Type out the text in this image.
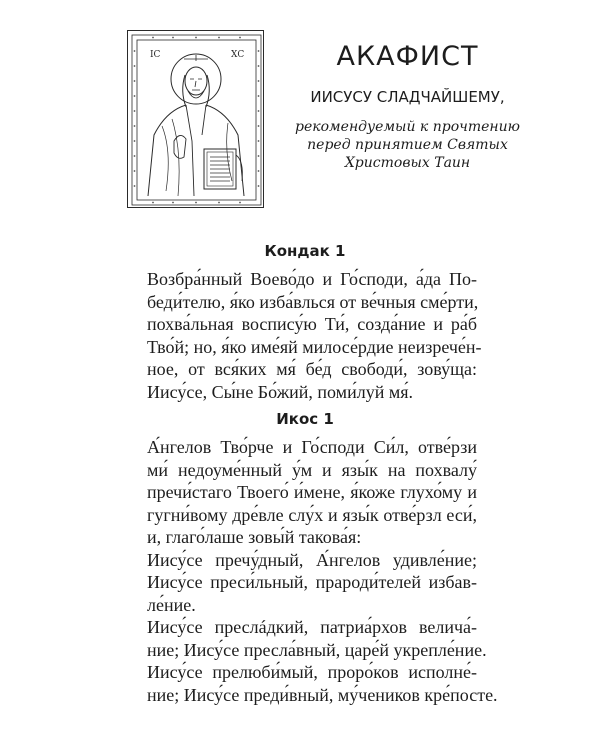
ІС	ХС	АКАФИСТ
ИИСУСУ СЛАДЧАЙШЕМУ,
рекомендуемый к прочтению
перед принятием Святых
Христовых Таин
Кондак 1
Возбра́нный Воево́до и Го́споди, а́да По-
беди́телю, я́ко изба́влься от ве́чныя сме́рти,
похва́льная воспису́ю Ти́, созда́ние и ра́б
Тво́й; но, я́ко име́яй милосе́рдие неизрече́н-
ное, от вся́ких мя́ бе́д свободи́, зову́ща:
Иису́се, Сы́не Бо́жий, поми́луй мя́.
Икос 1
А́нгелов Тво́рче и Го́споди Си́л, отве́рзи
ми́ недоуме́нный у́м и язы́к на похвалу́
пречи́стаго Твоего́ и́мене, я́коже глухо́му и
гугни́вому дре́вле слу́х и язы́к отве́рзл еси́,
и, глаго́лаше зовы́й такова́я:
Иису́се пречу́дный, А́нгелов удивле́ние;
Иису́се преси́льный, прароди́телей избав-
ле́ние.
Иису́се преслáдкий, патриа́рхов велича́-
ние; Иису́се пресла́вный, царе́й укрепле́ние.
Иису́се прелюби́мый, проро́ков исполне́-
ние; Иису́се преди́вный, му́чеников кре́посте.
